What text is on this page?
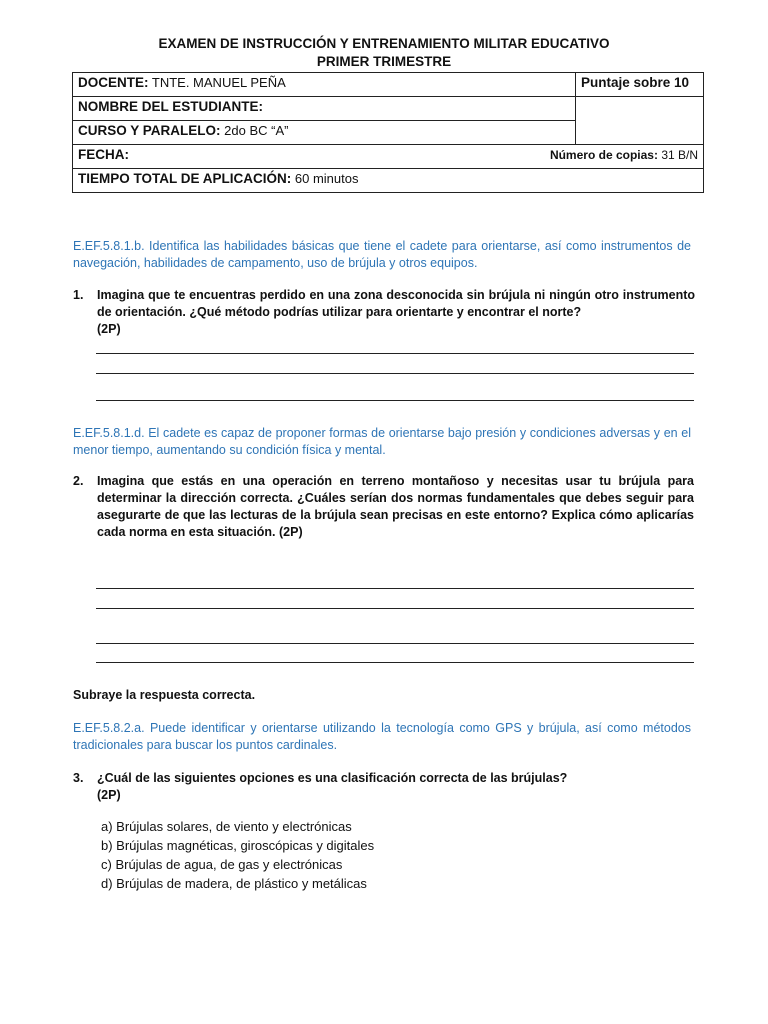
EXAMEN DE INSTRUCCIÓN Y ENTRENAMIENTO MILITAR EDUCATIVO
PRIMER TRIMESTRE
DOCENTE: TNTE. MANUEL PEÑA	Puntaje sobre 10
NOMBRE DEL ESTUDIANTE:	
CURSO Y PARALELO: 2do BC “A”	
FECHA: Número de copias: 31 B/N	

TIEMPO TOTAL DE APLICACIÓN: 60 minutos	
E.EF.5.8.1.b. Identifica las habilidades básicas que tiene el cadete para orientarse, así como instrumentos de navegación, habilidades de campamento, uso de brújula y otros equipos.
1. Imagina que te encuentras perdido en una zona desconocida sin brújula ni ningún otro instrumento de orientación. ¿Qué método podrías utilizar para orientarte y encontrar el norte?
(2P)
E.EF.5.8.1.d. El cadete es capaz de proponer formas de orientarse bajo presión y condiciones adversas y en el menor tiempo, aumentando su condición física y mental.
2. Imagina que estás en una operación en terreno montañoso y necesitas usar tu brújula para determinar la dirección correcta. ¿Cuáles serían dos normas fundamentales que debes seguir para asegurarte de que las lecturas de la brújula sean precisas en este entorno? Explica cómo aplicarías cada norma en esta situación. (2P)
Subraye la respuesta correcta.
E.EF.5.8.2.a. Puede identificar y orientarse utilizando la tecnología como GPS y brújula, así como métodos tradicionales para buscar los puntos cardinales.
3. ¿Cuál de las siguientes opciones es una clasificación correcta de las brújulas?
(2P)
a) Brújulas solares, de viento y electrónicas
b) Brújulas magnéticas, giroscópicas y digitales
c) Brújulas de agua, de gas y electrónicas
d) Brújulas de madera, de plástico y metálicas
